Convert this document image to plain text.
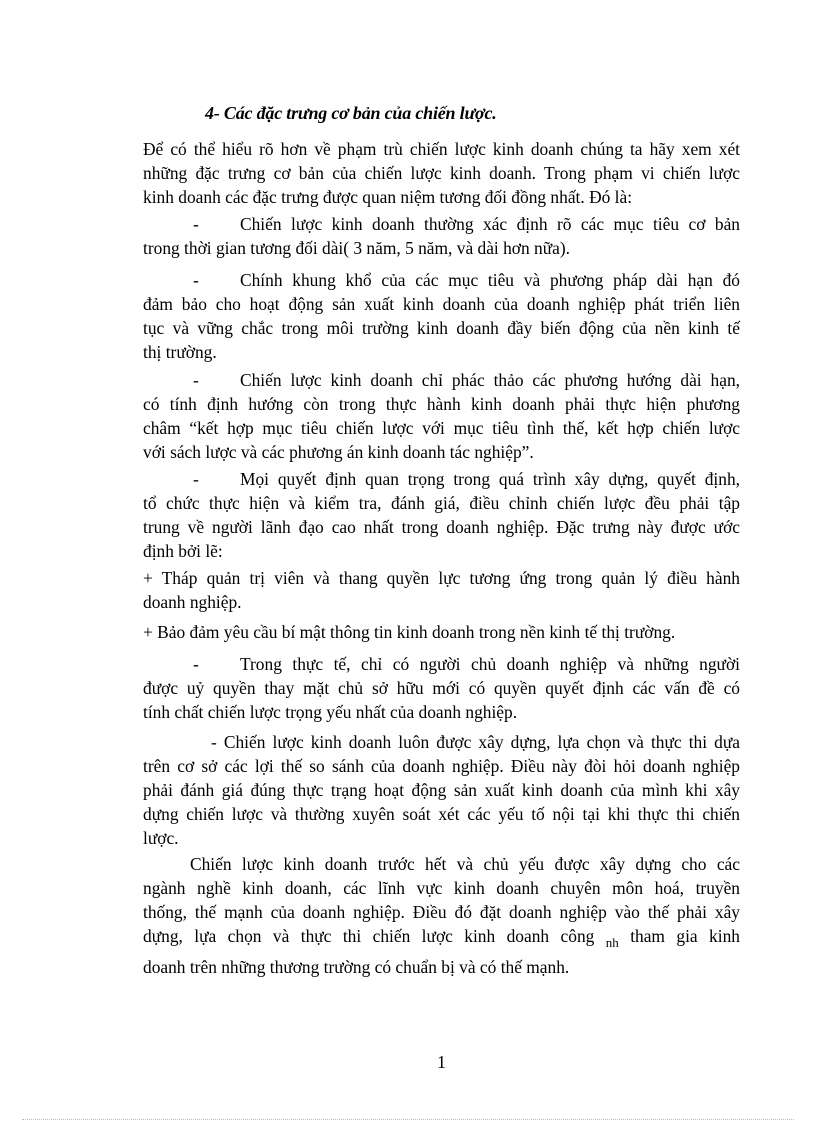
4- Các đặc trưng cơ bản của chiến lược.

Để có thể hiểu rõ hơn về phạm trù chiến lược kinh doanh chúng ta hãy xem xét
những đặc trưng cơ bản của chiến lược kinh doanh. Trong phạm vi chiến lược
kinh doanh các đặc trưng được quan niệm tương đối đồng nhất. Đó là:

- Chiến lược kinh doanh thường xác định rõ các mục tiêu cơ bản
trong thời gian tương đối dài( 3 năm, 5 năm, và dài hơn nữa).

- Chính khung khổ của các mục tiêu và phương pháp dài hạn đó
đảm bảo cho hoạt động sản xuất kinh doanh của doanh nghiệp phát triển liên
tục và vững chắc trong môi trường kinh doanh đầy biến động của nền kinh tế
thị trường.

- Chiến lược kinh doanh chỉ phác thảo các phương hướng dài hạn,
có tính định hướng còn trong thực hành kinh doanh phải thực hiện phương
châm “kết hợp mục tiêu chiến lược với mục tiêu tình thế, kết hợp chiến lược
với sách lược và các phương án kinh doanh tác nghiệp”.

- Mọi quyết định quan trọng trong quá trình xây dựng, quyết định,
tổ chức thực hiện và kiểm tra, đánh giá, điều chỉnh chiến lược đều phải tập
trung về người lãnh đạo cao nhất trong doanh nghiệp. Đặc trưng này được ước
định bởi lẽ:

+ Tháp quản trị viên và thang quyền lực tương ứng trong quản lý điều hành
doanh nghiệp.

+ Bảo đảm yêu cầu bí mật thông tin kinh doanh trong nền kinh tế thị trường.

- Trong thực tế, chỉ có người chủ doanh nghiệp và những người
được uỷ quyền thay mặt chủ sở hữu mới có quyền quyết định các vấn đề có
tính chất chiến lược trọng yếu nhất của doanh nghiệp.

- Chiến lược kinh doanh luôn được xây dựng, lựa chọn và thực thi dựa
trên cơ sở các lợi thế so sánh của doanh nghiệp. Điều này đòi hỏi doanh nghiệp
phải đánh giá đúng thực trạng hoạt động sản xuất kinh doanh của mình khi xây
dựng chiến lược và thường xuyên soát xét các yếu tố nội tại khi thực thi chiến
lược.

Chiến lược kinh doanh trước hết và chủ yếu được xây dựng cho các
ngành nghề kinh doanh, các lĩnh vực kinh doanh chuyên môn hoá, truyền
thống, thế mạnh của doanh nghiệp. Điều đó đặt doanh nghiệp vào thế phải xây
dựng, lựa chọn và thực thi chiến lược kinh doanh công $_{nh}$ tham gia kinh
doanh trên những thương trường có chuẩn bị và có thế mạnh.

1
